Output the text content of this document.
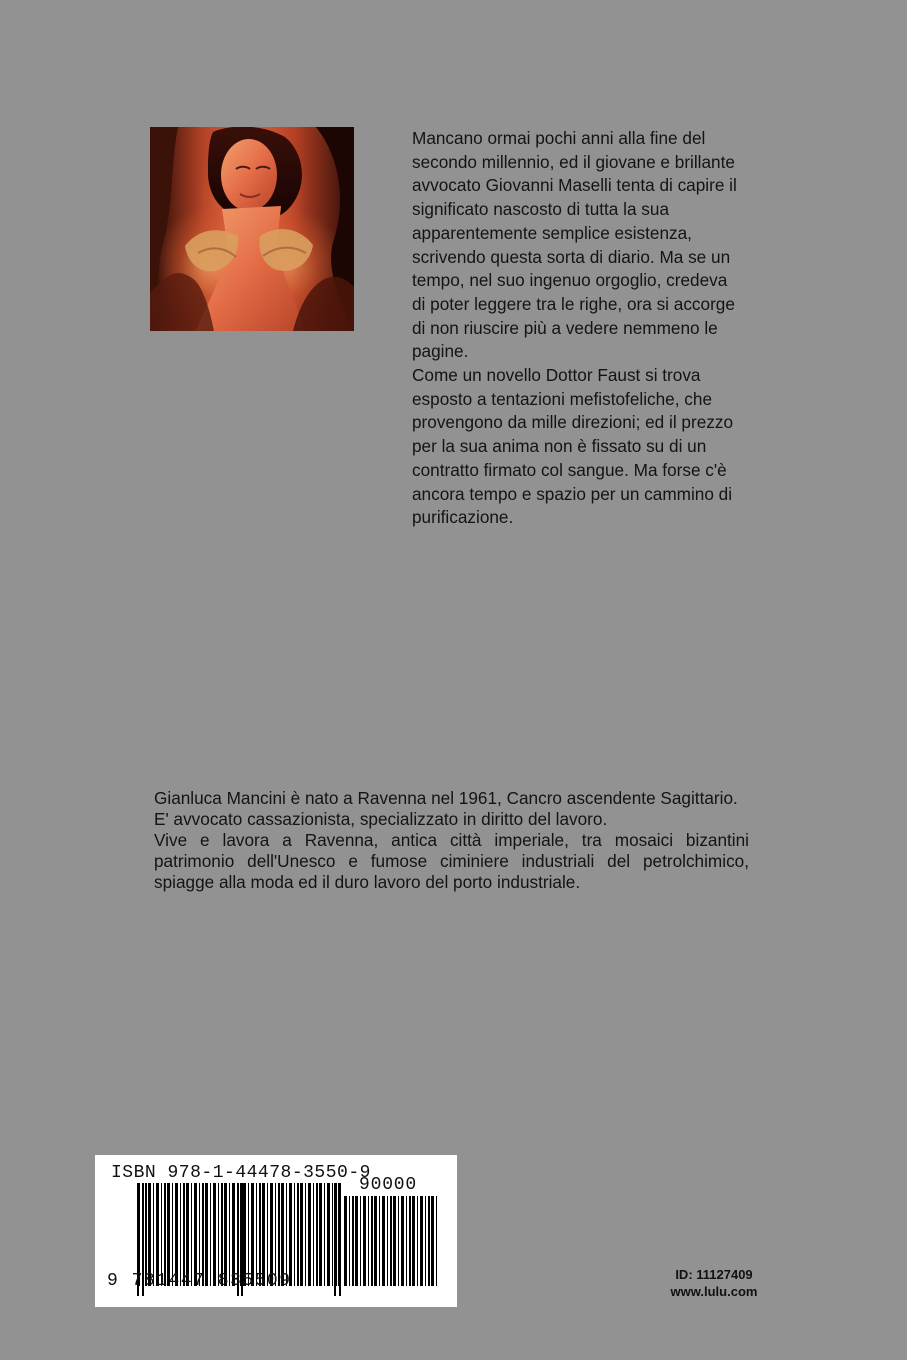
Mancano ormai pochi anni alla fine del
secondo millennio, ed il giovane e brillante
avvocato Giovanni Maselli tenta di capire il
significato nascosto di tutta la sua
apparentemente semplice esistenza,
scrivendo questa sorta di diario. Ma se un
tempo, nel suo ingenuo orgoglio, credeva
di poter leggere tra le righe, ora si accorge
di non riuscire più a vedere nemmeno le
pagine.
Come un novello Dottor Faust si trova
esposto a tentazioni mefistofeliche, che
provengono da mille direzioni; ed il prezzo
per la sua anima non è fissato su di un
contratto firmato col sangue. Ma forse c'è
ancora tempo e spazio per un cammino di
purificazione.
Gianluca Mancini è nato a Ravenna nel 1961, Cancro ascendente Sagittario.
E' avvocato cassazionista, specializzato in diritto del lavoro.
Vive e lavora a Ravenna, antica città imperiale, tra mosaici bizantini patrimonio dell'Unesco e fumose ciminiere industriali del petrolchimico, spiagge alla moda ed il duro lavoro del porto industriale.
ISBN 978-1-44478-3550-9
90000
9 781447 835509	ID: 11127409
www.lulu.com
